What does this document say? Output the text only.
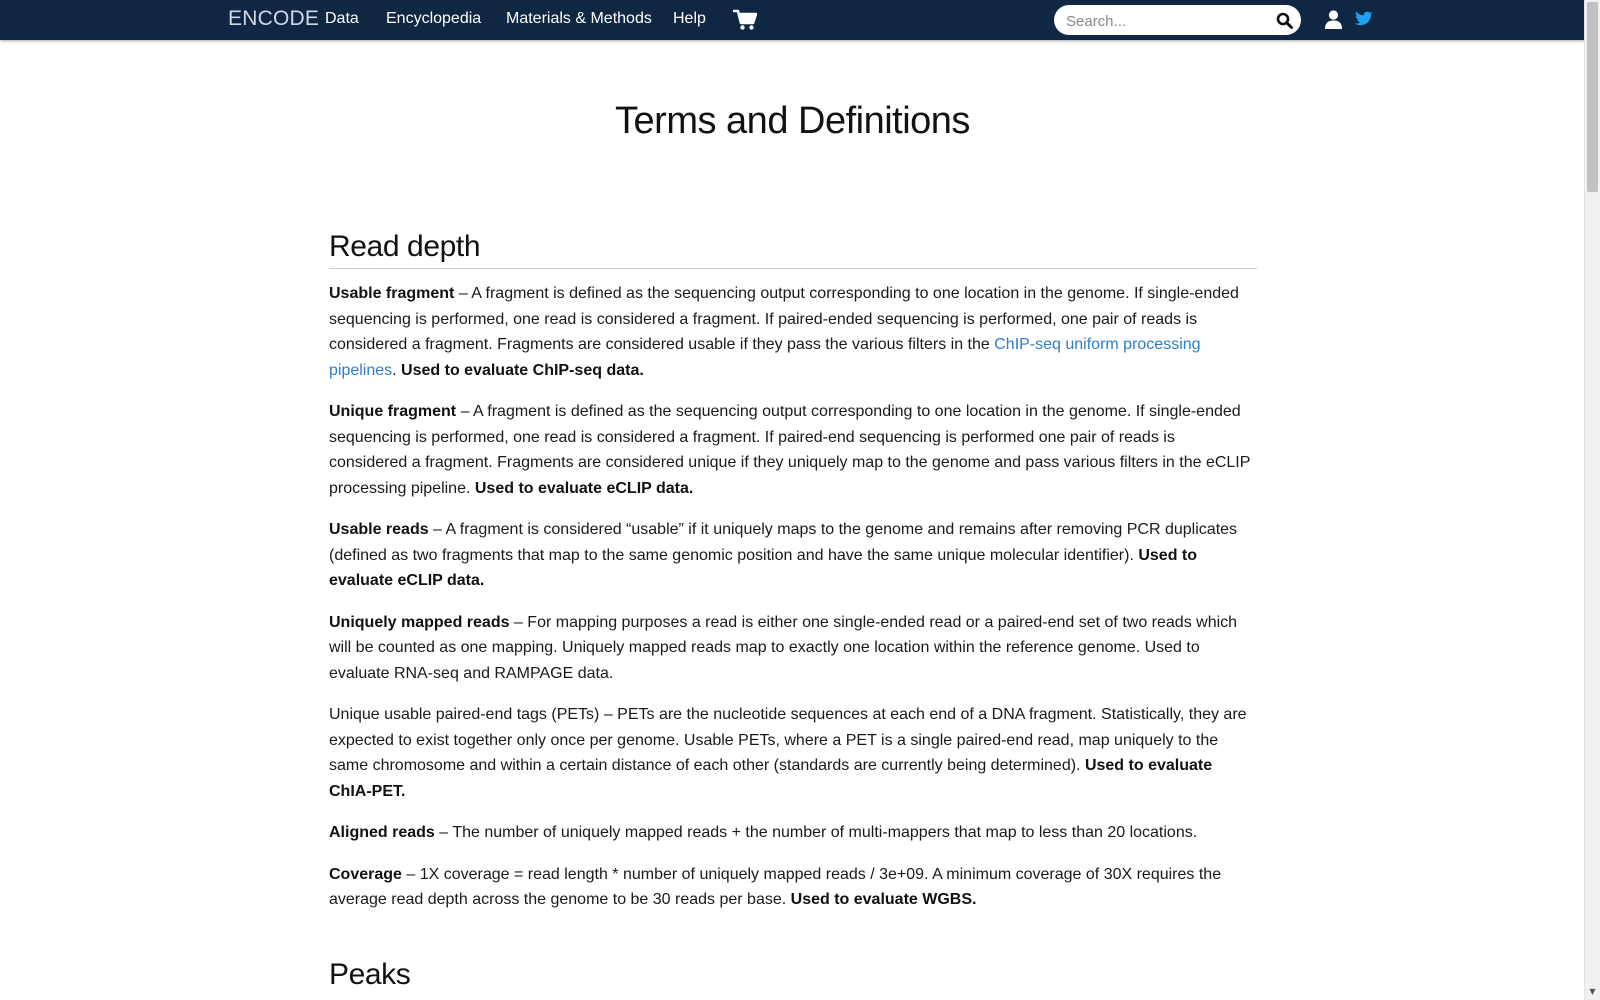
ENCODE Data Encyclopedia Materials & Methods Help
Search...
▼
Terms and Definitions
Read depth

Usable fragment – A fragment is defined as the sequencing output corresponding to one location in the genome. If single-ended sequencing is performed, one read is considered a fragment. If paired-ended sequencing is performed, one pair of reads is considered a fragment. Fragments are considered usable if they pass the various filters in the ChIP-seq uniform processing pipelines. Used to evaluate ChIP-seq data.

Unique fragment – A fragment is defined as the sequencing output corresponding to one location in the genome. If single-ended sequencing is performed, one read is considered a fragment. If paired-end sequencing is performed one pair of reads is considered a fragment. Fragments are considered unique if they uniquely map to the genome and pass various filters in the eCLIP processing pipeline. Used to evaluate eCLIP data.

Usable reads – A fragment is considered “usable” if it uniquely maps to the genome and remains after removing PCR duplicates (defined as two fragments that map to the same genomic position and have the same unique molecular identifier). Used to evaluate eCLIP data.

Uniquely mapped reads – For mapping purposes a read is either one single-ended read or a paired-end set of two reads which will be counted as one mapping. Uniquely mapped reads map to exactly one location within the reference genome. Used to evaluate RNA-seq and RAMPAGE data.

Unique usable paired-end tags (PETs) – PETs are the nucleotide sequences at each end of a DNA fragment. Statistically, they are expected to exist together only once per genome. Usable PETs, where a PET is a single paired-end read, map uniquely to the same chromosome and within a certain distance of each other (standards are currently being determined). Used to evaluate ChIA-PET.

Aligned reads – The number of uniquely mapped reads + the number of multi-mappers that map to less than 20 locations.

Coverage – 1X coverage = read length * number of uniquely mapped reads / 3e+09. A minimum coverage of 30X requires the average read depth across the genome to be 30 reads per base. Used to evaluate WGBS.

Peaks
